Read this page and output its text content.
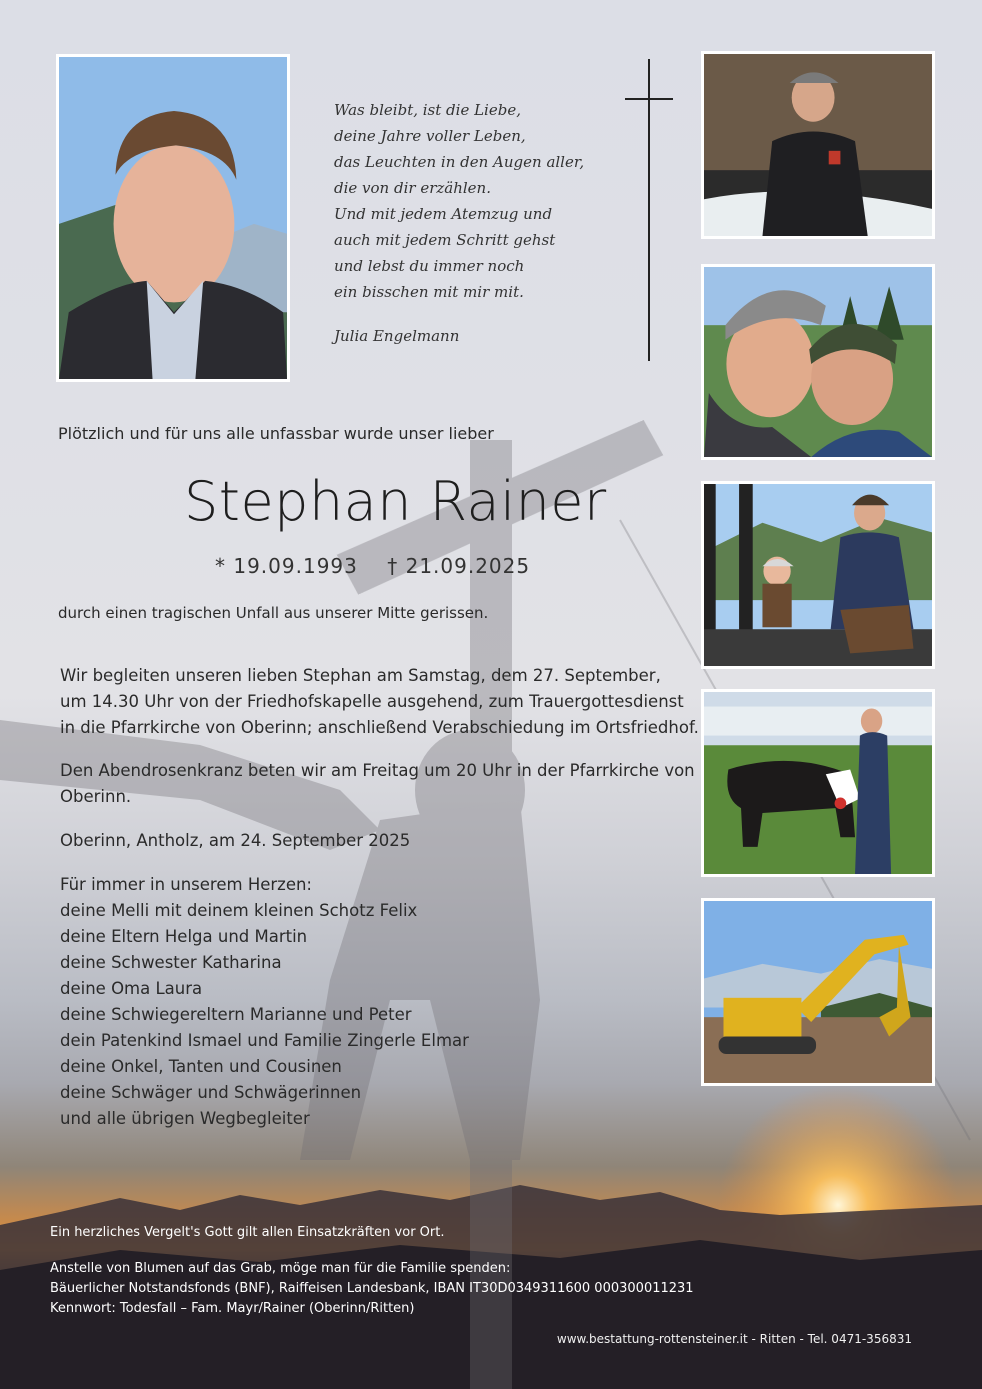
Was bleibt, ist die Liebe,
deine Jahre voller Leben,
das Leuchten in den Augen aller,
die von dir erzählen.
Und mit jedem Atemzug und
auch mit jedem Schritt gehst
und lebst du immer noch
ein bisschen mit mir mit.
Julia Engelmann
Plötzlich und für uns alle unfassbar wurde unser lieber
Stephan Rainer
* 19.09.1993 † 21.09.2025
durch einen tragischen Unfall aus unserer Mitte gerissen.
Wir begleiten unseren lieben Stephan am Samstag, dem 27. September,
um 14.30 Uhr von der Friedhofskapelle ausgehend, zum Trauergottesdienst
in die Pfarrkirche von Oberinn; anschließend Verabschiedung im Ortsfriedhof.
Den Abendrosenkranz beten wir am Freitag um 20 Uhr in der Pfarrkirche von
Oberinn.
Oberinn, Antholz, am 24. September 2025
Für immer in unserem Herzen:
deine Melli mit deinem kleinen Schotz Felix
deine Eltern Helga und Martin
deine Schwester Katharina
deine Oma Laura
deine Schwiegereltern Marianne und Peter
dein Patenkind Ismael und Familie Zingerle Elmar
deine Onkel, Tanten und Cousinen
deine Schwäger und Schwägerinnen
und alle übrigen Wegbegleiter
Ein herzliches Vergelt's Gott gilt allen Einsatzkräften vor Ort.
Anstelle von Blumen auf das Grab, möge man für die Familie spenden:
Bäuerlicher Notstandsfonds (BNF), Raiffeisen Landesbank, IBAN IT30D0349311600 000300011231
Kennwort: Todesfall – Fam. Mayr/Rainer (Oberinn/Ritten)
www.bestattung-rottensteiner.it - Ritten - Tel. 0471-356831
